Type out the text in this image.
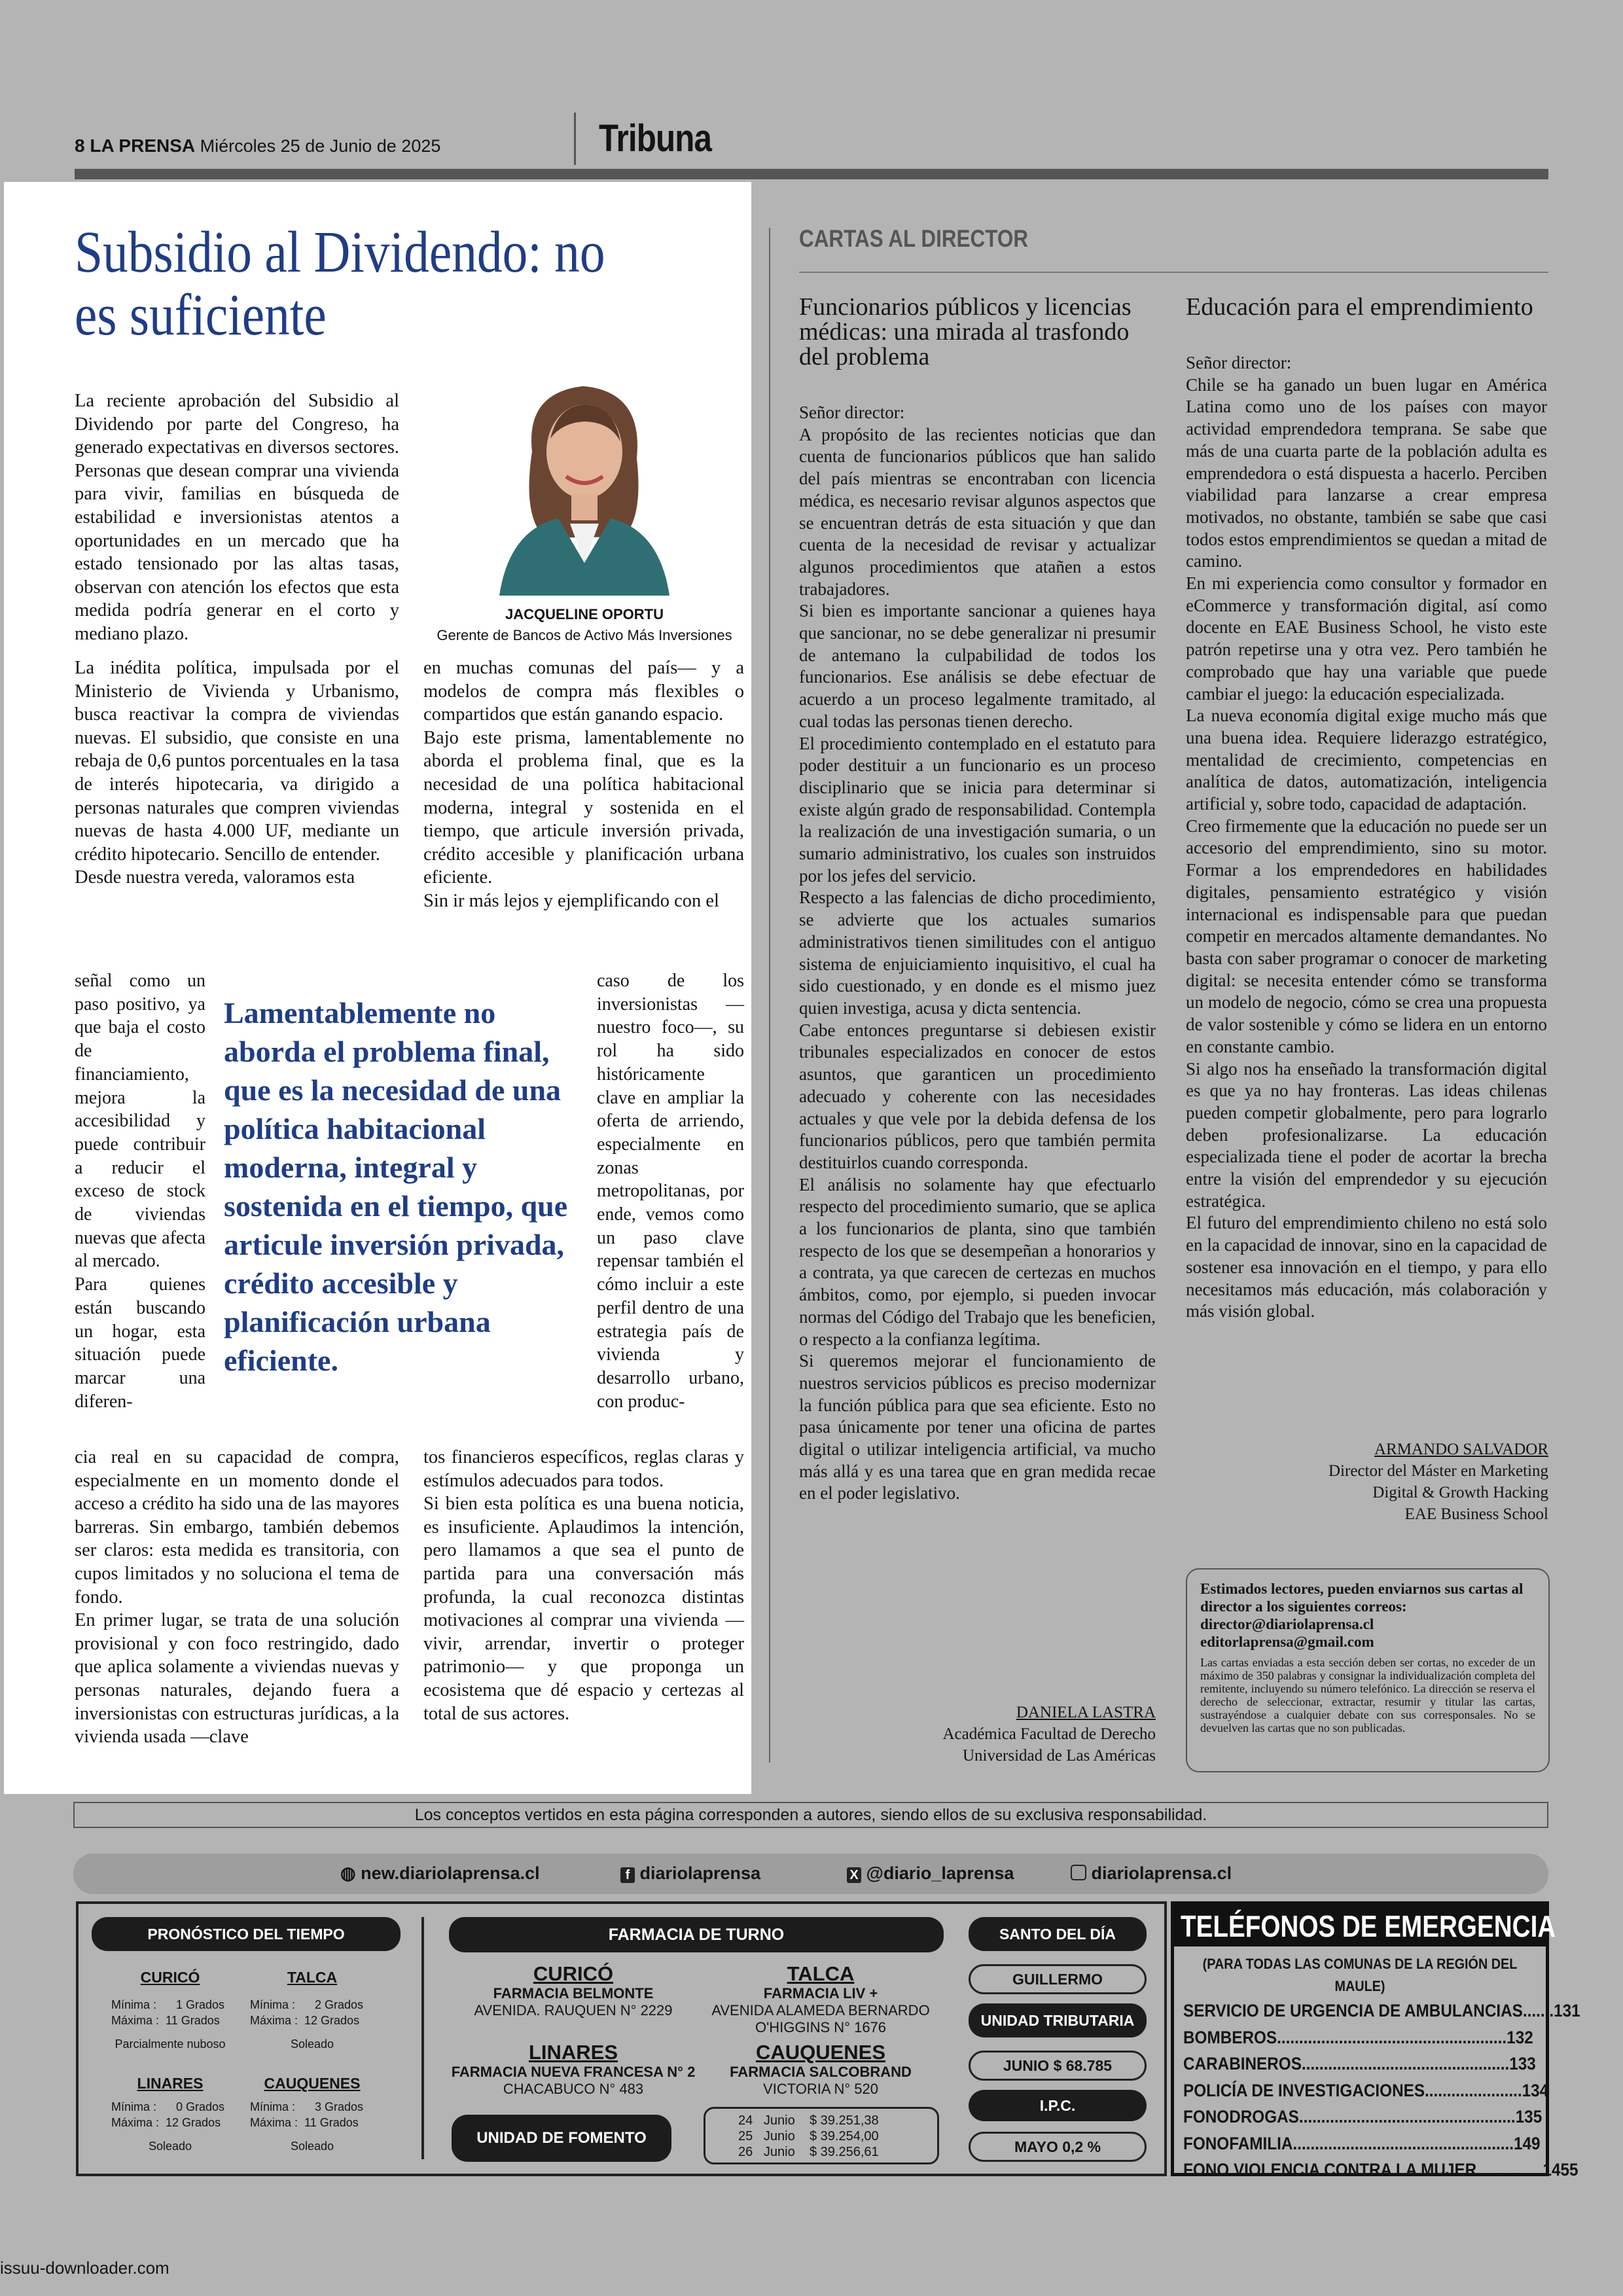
8 LA PRENSA Miércoles 25 de Junio de 2025	Tribuna
Subsidio al Dividendo: no es suficiente

La reciente aprobación del Subsidio al Dividendo por parte del Congreso, ha generado expectativas en diversos sectores. Personas que desean comprar una vivienda para vivir, familias en búsqueda de estabilidad e inversionistas atentos a oportunidades en un mercado que ha estado tensionado por las altas tasas, observan con atención los efectos que esta medida podría generar en el corto y mediano plazo.

JACQUELINE OPORTU
Gerente de Bancos de Activo Más Inversiones

La inédita política, impulsada por el Ministerio de Vivienda y Urbanismo, busca reactivar la compra de viviendas nuevas. El subsidio, que consiste en una rebaja de 0,6 puntos porcentuales en la tasa de interés hipotecaria, va dirigido a personas naturales que compren viviendas nuevas de hasta 4.000 UF, mediante un crédito hipotecario. Sencillo de entender.

Desde nuestra vereda, valoramos esta

señal como un paso positivo, ya que baja el costo de financiamiento, mejora la accesibilidad y puede contribuir a reducir el exceso de stock de viviendas nuevas que afecta al mercado.

Para quienes están buscando un hogar, esta situación puede marcar una diferen-

cia real en su capacidad de compra, especialmente en un momento donde el acceso a crédito ha sido una de las mayores barreras. Sin embargo, también debemos ser claros: esta medida es transitoria, con cupos limitados y no soluciona el tema de fondo.

En primer lugar, se trata de una solución provisional y con foco restringido, dado que aplica solamente a viviendas nuevas y personas naturales, dejando fuera a inversionistas con estructuras jurídicas, a la vivienda usada —clave

en muchas comunas del país— y a modelos de compra más flexibles o compartidos que están ganando espacio.

Bajo este prisma, lamentablemente no aborda el problema final, que es la necesidad de una política habitacional moderna, integral y sostenida en el tiempo, que articule inversión privada, crédito accesible y planificación urbana eficiente.

Sin ir más lejos y ejemplificando con el

caso de los inversionistas —nuestro foco—, su rol ha sido históricamente clave en ampliar la oferta de arriendo, especialmente en zonas metropolitanas, por ende, vemos como un paso clave repensar también el cómo incluir a este perfil dentro de una estrategia país de vivienda y desarrollo urbano, con produc-

tos financieros específicos, reglas claras y estímulos adecuados para todos.

Si bien esta política es una buena noticia, es insuficiente. Aplaudimos la intención, pero llamamos a que sea el punto de partida para una conversación más profunda, la cual reconozca distintas motivaciones al comprar una vivienda —vivir, arrendar, invertir o proteger patrimonio— y que proponga un ecosistema que dé espacio y certezas al total de sus actores.

Lamentablemente no aborda el problema final, que es la necesidad de una política habitacional moderna, integral y sostenida en el tiempo, que articule inversión privada, crédito accesible y planificación urbana eficiente.
CARTAS AL DIRECTOR
Funcionarios públicos y licencias médicas: una mirada al trasfondo del problema

Señor director:

A propósito de las recientes noticias que dan cuenta de funcionarios públicos que han salido del país mientras se encontraban con licencia médica, es necesario revisar algunos aspectos que se encuentran detrás de esta situación y que dan cuenta de la necesidad de revisar y actualizar algunos procedimientos que atañen a estos trabajadores.

Si bien es importante sancionar a quienes haya que sancionar, no se debe generalizar ni presumir de antemano la culpabilidad de todos los funcionarios. Ese análisis se debe efectuar de acuerdo a un proceso legalmente tramitado, al cual todas las personas tienen derecho.

El procedimiento contemplado en el estatuto para poder destituir a un funcionario es un proceso disciplinario que se inicia para determinar si existe algún grado de responsabilidad. Contempla la realización de una investigación sumaria, o un sumario administrativo, los cuales son instruidos por los jefes del servicio.

Respecto a las falencias de dicho procedimiento, se advierte que los actuales sumarios administrativos tienen similitudes con el antiguo sistema de enjuiciamiento inquisitivo, el cual ha sido cuestionado, y en donde es el mismo juez quien investiga, acusa y dicta sentencia.

Cabe entonces preguntarse si debiesen existir tribunales especializados en conocer de estos asuntos, que garanticen un procedimiento adecuado y coherente con las necesidades actuales y que vele por la debida defensa de los funcionarios públicos, pero que también permita destituirlos cuando corresponda.

El análisis no solamente hay que efectuarlo respecto del procedimiento sumario, que se aplica a los funcionarios de planta, sino que también respecto de los que se desempeñan a honorarios y a contrata, ya que carecen de certezas en muchos ámbitos, como, por ejemplo, si pueden invocar normas del Código del Trabajo que les beneficien, o respecto a la confianza legítima.

Si queremos mejorar el funcionamiento de nuestros servicios públicos es preciso modernizar la función pública para que sea eficiente. Esto no pasa únicamente por tener una oficina de partes digital o utilizar inteligencia artificial, va mucho más allá y es una tarea que en gran medida recae en el poder legislativo.

DANIELA LASTRA
Académica Facultad de Derecho
Universidad de Las Américas
Educación para el emprendimiento

Señor director:

Chile se ha ganado un buen lugar en América Latina como uno de los países con mayor actividad emprendedora temprana. Se sabe que más de una cuarta parte de la población adulta es emprendedora o está dispuesta a hacerlo. Perciben viabilidad para lanzarse a crear empresa motivados, no obstante, también se sabe que casi todos estos emprendimientos se quedan a mitad de camino.

En mi experiencia como consultor y formador en eCommerce y transformación digital, así como docente en EAE Business School, he visto este patrón repetirse una y otra vez. Pero también he comprobado que hay una variable que puede cambiar el juego: la educación especializada.

La nueva economía digital exige mucho más que una buena idea. Requiere liderazgo estratégico, mentalidad de crecimiento, competencias en analítica de datos, automatización, inteligencia artificial y, sobre todo, capacidad de adaptación.

Creo firmemente que la educación no puede ser un accesorio del emprendimiento, sino su motor. Formar a los emprendedores en habilidades digitales, pensamiento estratégico y visión internacional es indispensable para que puedan competir en mercados altamente demandantes. No basta con saber programar o conocer de marketing digital: se necesita entender cómo se transforma un modelo de negocio, cómo se crea una propuesta de valor sostenible y cómo se lidera en un entorno en constante cambio.

Si algo nos ha enseñado la transformación digital es que ya no hay fronteras. Las ideas chilenas pueden competir globalmente, pero para lograrlo deben profesionalizarse. La educación especializada tiene el poder de acortar la brecha entre la visión del emprendedor y su ejecución estratégica.

El futuro del emprendimiento chileno no está solo en la capacidad de innovar, sino en la capacidad de sostener esa innovación en el tiempo, y para ello necesitamos más educación, más colaboración y más visión global.

ARMANDO SALVADOR
Director del Máster en Marketing
Digital & Growth Hacking
EAE Business School
Estimados lectores, pueden enviarnos sus cartas al director a los siguientes correos:
director@diariolaprensa.cl
editorlaprensa@gmail.com
Las cartas enviadas a esta sección deben ser cortas, no exceder de un máximo de 350 palabras y consignar la individualización completa del remitente, incluyendo su número telefónico. La dirección se reserva el derecho de seleccionar, extractar, resumir y titular las cartas, sustrayéndose a cualquier debate con sus corresponsales. No se devuelven las cartas que no son publicadas.
Los conceptos vertidos en esta página corresponden a autores, siendo ellos de su exclusiva responsabilidad.
◍ new.diariolaprensa.cl	f diariolaprensa	X @diario_laprensa	diariolaprensa.cl
PRONÓSTICO DEL TIEMPO
CURICÓ
Mínima :      1 Grados
Máxima :  11 Grados
Parcialmente nuboso
TALCA
Mínima :      2 Grados
Máxima :  12 Grados
Soleado
LINARES
Mínima :      0 Grados
Máxima :  12 Grados
Soleado
CAUQUENES
Mínima :      3 Grados
Máxima :  11 Grados
Soleado
FARMACIA DE TURNO
CURICÓ
FARMACIA BELMONTE
AVENIDA. RAUQUEN N° 2229
TALCA
FARMACIA LIV +
AVENIDA ALAMEDA BERNARDO
O'HIGGINS N° 1676
LINARES
FARMACIA NUEVA FRANCESA N° 2
CHACABUCO N° 483
CAUQUENES
FARMACIA SALCOBRAND
VICTORIA N° 520
UNIDAD DE FOMENTO
24 Junio $ 39.251,38
25 Junio $ 39.254,00
26 Junio $ 39.256,61
SANTO DEL DÍA
GUILLERMO
UNIDAD TRIBUTARIA
JUNIO $ 68.785
I.P.C.
MAYO 0,2 %
TELÉFONOS DE EMERGENCIA
(PARA TODAS LAS COMUNAS DE LA REGIÓN DEL MAULE)
SERVICIO DE URGENCIA DE AMBULANCIAS.......131
BOMBEROS....................................................132
CARABINEROS...............................................133
POLICÍA DE INVESTIGACIONES......................134
FONODROGAS.................................................135
FONOFAMILIA..................................................149
FONO VIOLENCIA CONTRA LA MUJER...............1455
issuu-downloader.com
